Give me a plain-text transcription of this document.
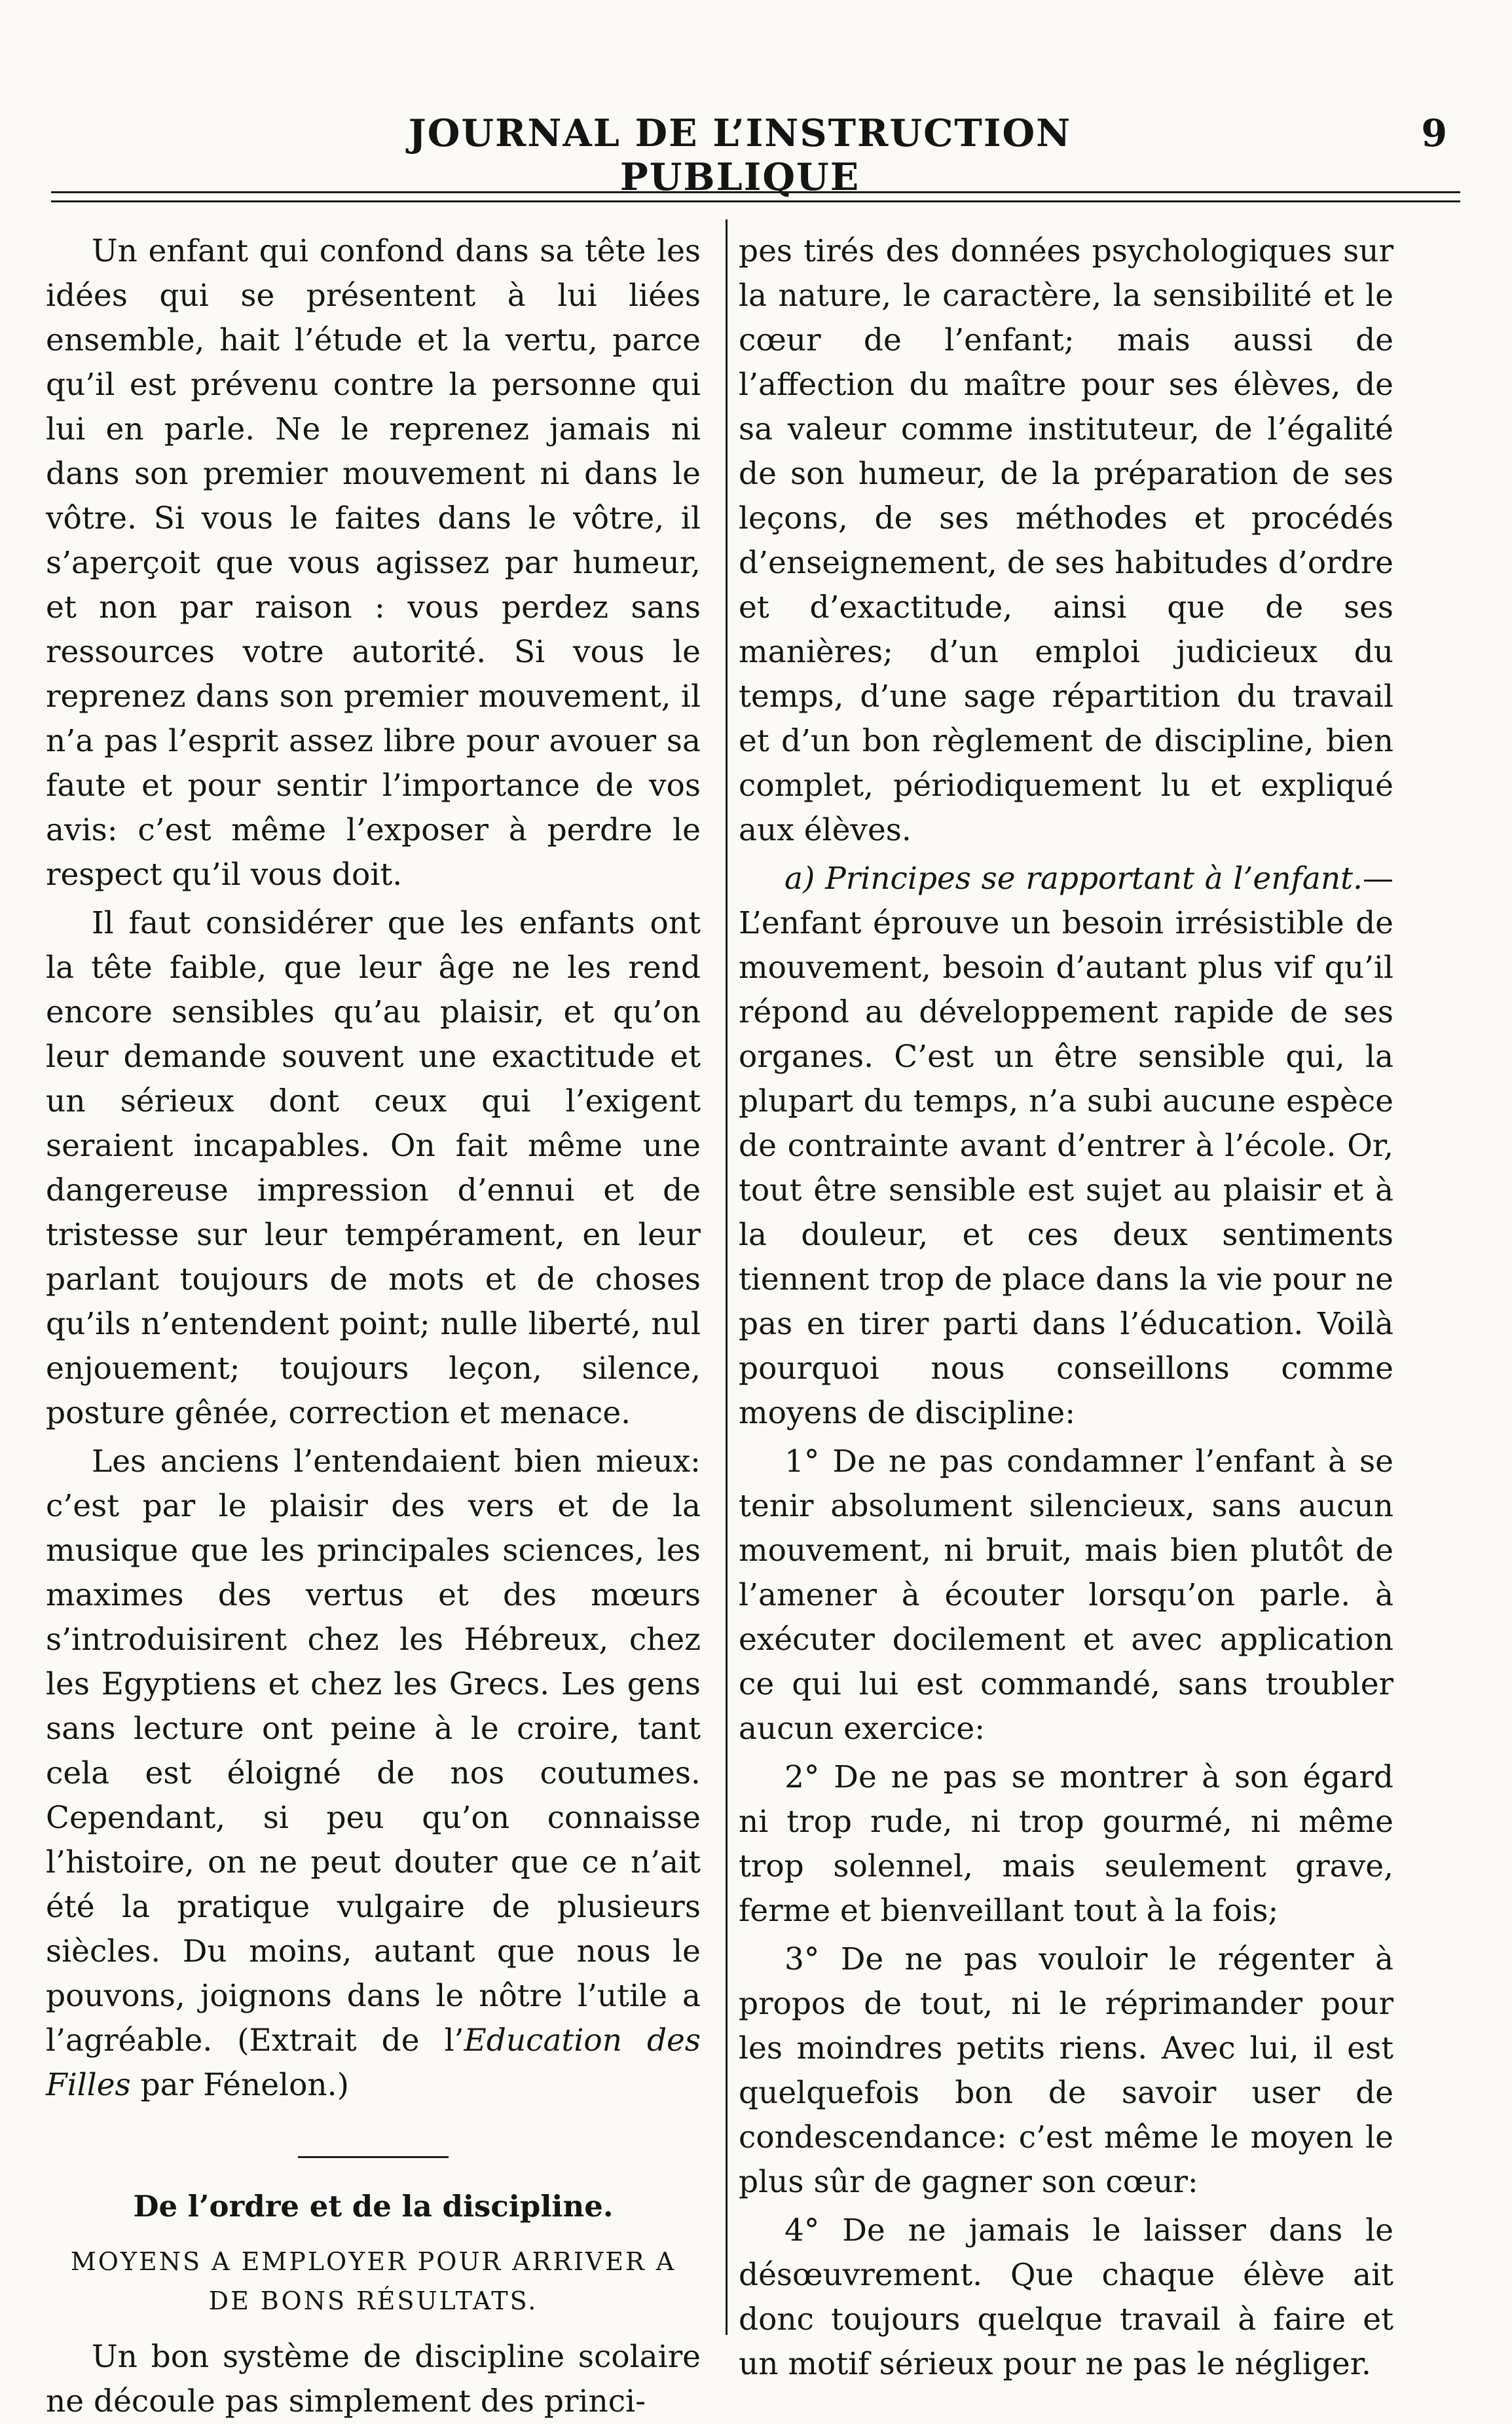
JOURNAL DE L’INSTRUCTION PUBLIQUE
9

Un enfant qui confond dans sa tête les idées qui se présentent à lui liées ensemble, hait l’étude et la vertu, parce qu’il est prévenu contre la personne qui lui en parle. Ne le reprenez jamais ni dans son premier mouvement ni dans le vôtre. Si vous le faites dans le vôtre, il s’aperçoit que vous agissez par humeur, et non par raison : vous perdez sans ressources votre autorité. Si vous le reprenez dans son premier mouvement, il n’a pas l’esprit assez libre pour avouer sa faute et pour sentir l’importance de vos avis: c’est même l’exposer à perdre le respect qu’il vous doit.

Il faut considérer que les enfants ont la tête faible, que leur âge ne les rend encore sensibles qu’au plaisir, et qu’on leur demande souvent une exactitude et un sérieux dont ceux qui l’exigent seraient incapables. On fait même une dangereuse impression d’ennui et de tristesse sur leur tempérament, en leur parlant toujours de mots et de choses qu’ils n’entendent point; nulle liberté, nul enjouement; toujours leçon, silence, posture gênée, correction et menace.

Les anciens l’entendaient bien mieux: c’est par le plaisir des vers et de la musique que les principales sciences, les maximes des vertus et des mœurs s’introduisirent chez les Hébreux, chez les Egyptiens et chez les Grecs. Les gens sans lecture ont peine à le croire, tant cela est éloigné de nos coutumes. Cependant, si peu qu’on connaisse l’histoire, on ne peut douter que ce n’ait été la pratique vulgaire de plusieurs siècles. Du moins, autant que nous le pouvons, joignons dans le nôtre l’utile a l’agréable. (Extrait de l’Education des Filles par Fénelon.)

De l’ordre et de la discipline.

MOYENS A EMPLOYER POUR ARRIVER A DE BONS RÉSULTATS.

Un bon système de discipline scolaire ne découle pas simplement des princi-

pes tirés des données psychologiques sur la nature, le caractère, la sensibilité et le cœur de l’enfant; mais aussi de l’affection du maître pour ses élèves, de sa valeur comme instituteur, de l’égalité de son humeur, de la préparation de ses leçons, de ses méthodes et procédés d’enseignement, de ses habitudes d’ordre et d’exactitude, ainsi que de ses manières; d’un emploi judicieux du temps, d’une sage répartition du travail et d’un bon règlement de discipline, bien complet, périodiquement lu et expliqué aux élèves.

a) Principes se rapportant à l’enfant.— L’enfant éprouve un besoin irrésistible de mouvement, besoin d’autant plus vif qu’il répond au développement rapide de ses organes. C’est un être sensible qui, la plupart du temps, n’a subi aucune espèce de contrainte avant d’entrer à l’école. Or, tout être sensible est sujet au plaisir et à la douleur, et ces deux sentiments tiennent trop de place dans la vie pour ne pas en tirer parti dans l’éducation. Voilà pourquoi nous conseillons comme moyens de discipline:

1° De ne pas condamner l’enfant à se tenir absolument silencieux, sans aucun mouvement, ni bruit, mais bien plutôt de l’amener à écouter lorsqu’on parle. à exécuter docilement et avec application ce qui lui est commandé, sans troubler aucun exercice:

2° De ne pas se montrer à son égard ni trop rude, ni trop gourmé, ni même trop solennel, mais seulement grave, ferme et bienveillant tout à la fois;

3° De ne pas vouloir le régenter à propos de tout, ni le réprimander pour les moindres petits riens. Avec lui, il est quelquefois bon de savoir user de condescendance: c’est même le moyen le plus sûr de gagner son cœur:

4° De ne jamais le laisser dans le désœuvrement. Que chaque élève ait donc toujours quelque travail à faire et un motif sérieux pour ne pas le négliger.
